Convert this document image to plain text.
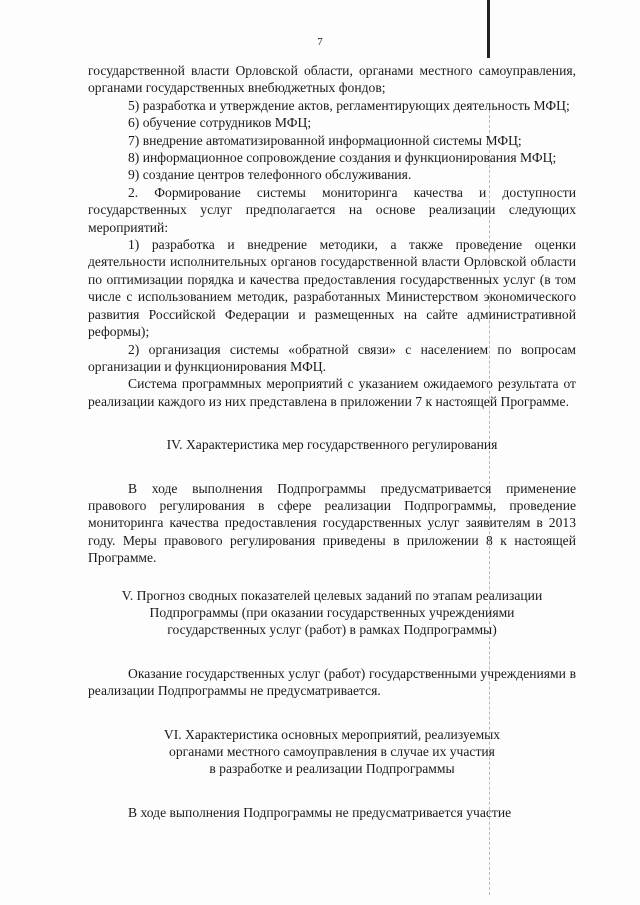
7

государственной власти Орловской области, органами местного самоуправления, органами государственных внебюджетных фондов;

5) разработка и утверждение актов, регламентирующих деятельность МФЦ;

6) обучение сотрудников МФЦ;

7) внедрение автоматизированной информационной системы МФЦ;

8) информационное сопровождение создания и функционирования МФЦ;

9) создание центров телефонного обслуживания.

2. Формирование системы мониторинга качества и доступности государственных услуг предполагается на основе реализации следующих мероприятий:

1) разработка и внедрение методики, а также проведение оценки деятельности исполнительных органов государственной власти Орловской области по оптимизации порядка и качества предоставления государственных услуг (в том числе с использованием методик, разработанных Министерством экономического развития Российской Федерации и размещенных на сайте административной реформы);

2) организация системы «обратной связи» с населением по вопросам организации и функционирования МФЦ.

Система программных мероприятий с указанием ожидаемого результата от реализации каждого из них представлена в приложении 7 к настоящей Программе.

IV. Характеристика мер государственного регулирования

В ходе выполнения Подпрограммы предусматривается применение правового регулирования в сфере реализации Подпрограммы, проведение мониторинга качества предоставления государственных услуг заявителям в 2013 году. Меры правового регулирования приведены в приложении 8 к настоящей Программе.

V. Прогноз сводных показателей целевых заданий по этапам реализации
Подпрограммы (при оказании государственных учреждениями
государственных услуг (работ) в рамках Подпрограммы)

Оказание государственных услуг (работ) государственными учреждениями в реализации Подпрограммы не предусматривается.

VI. Характеристика основных мероприятий, реализуемых
органами местного самоуправления в случае их участия
в разработке и реализации Подпрограммы

В ходе выполнения Подпрограммы не предусматривается участие
